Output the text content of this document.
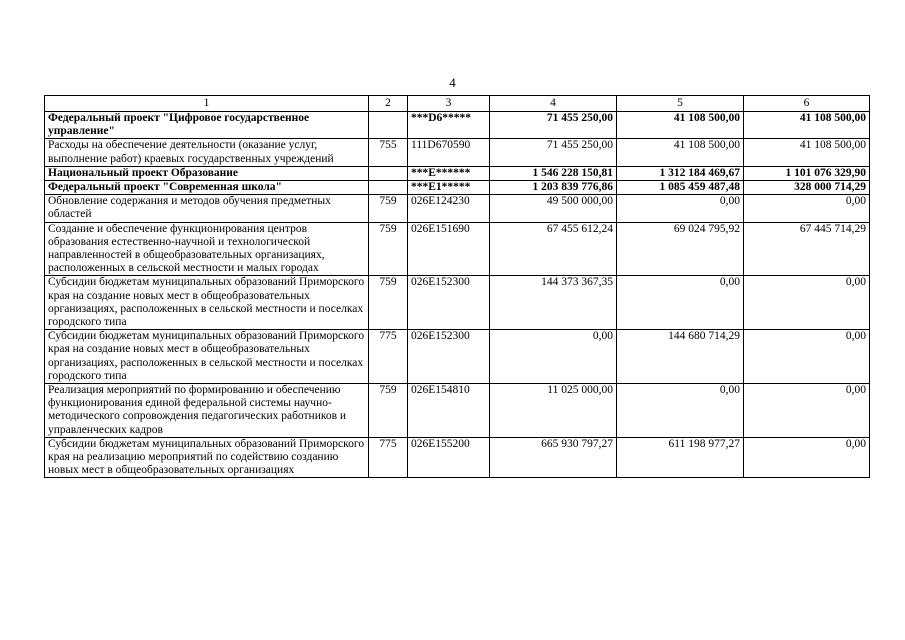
4
1	2	3	4	5	6
Федеральный проект "Цифровое государственное управление"		***D6*****	71 455 250,00	41 108 500,00	41 108 500,00
Расходы на обеспечение деятельности (оказание услуг, выполнение работ) краевых государственных учреждений	755	111D670590	71 455 250,00	41 108 500,00	41 108 500,00
Национальный проект Образование		***E******	1 546 228 150,81	1 312 184 469,67	1 101 076 329,90
Федеральный проект "Современная школа"		***E1*****	1 203 839 776,86	1 085 459 487,48	328 000 714,29
Обновление содержания и методов обучения предметных областей	759	026E124230	49 500 000,00	0,00	0,00
Создание и обеспечение функционирования центров образования естественно-научной и технологической направленностей в общеобразовательных организациях, расположенных в сельской местности и малых городах	759	026E151690	67 455 612,24	69 024 795,92	67 445 714,29
Субсидии бюджетам муниципальных образований Приморского края на создание новых мест в общеобразовательных организациях, расположенных в сельской местности и поселках городского типа	759	026E152300	144 373 367,35	0,00	0,00
Субсидии бюджетам муниципальных образований Приморского края на создание новых мест в общеобразовательных организациях, расположенных в сельской местности и поселках городского типа	775	026E152300	0,00	144 680 714,29	0,00
Реализация мероприятий по формированию и обеспечению функционирования единой федеральной системы научно-методического сопровождения педагогических работников и управленческих кадров	759	026E154810	11 025 000,00	0,00	0,00
Субсидии бюджетам муниципальных образований Приморского края на реализацию мероприятий по содействию созданию новых мест в общеобразовательных организациях	775	026E155200	665 930 797,27	611 198 977,27	0,00
